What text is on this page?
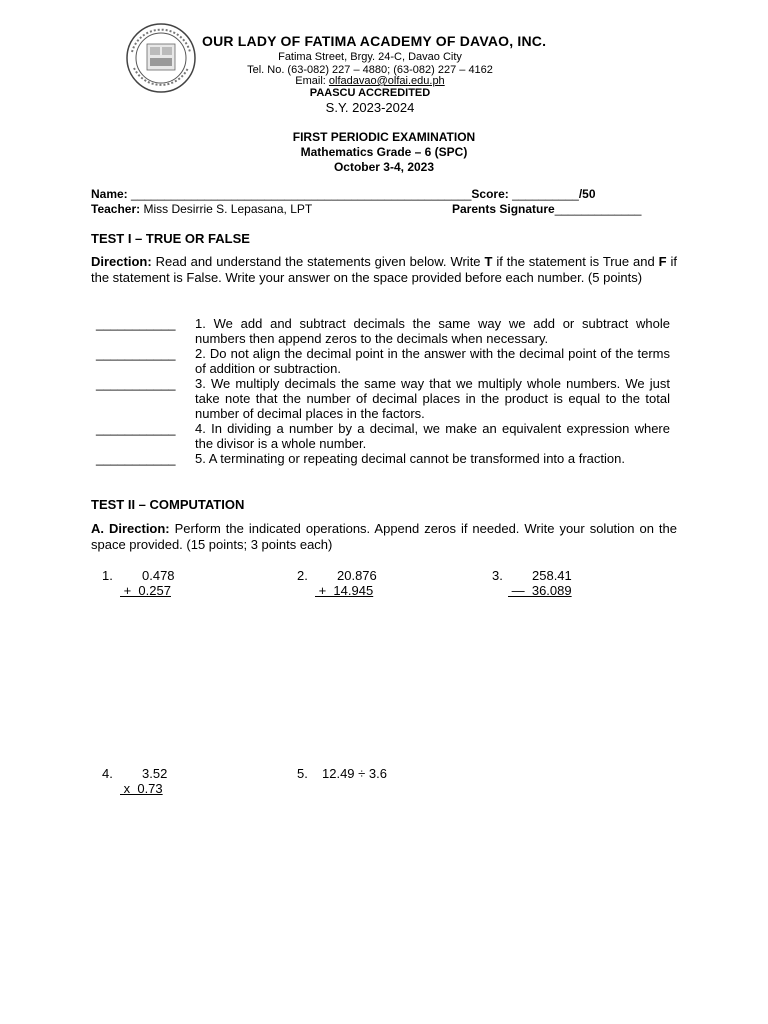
OUR LADY OF FATIMA ACADEMY OF DAVAO, INC.
Fatima Street, Brgy. 24-C, Davao City
Tel. No. (63-082) 227 – 4880; (63-082) 227 – 4162
Email: olfadavao@olfai.edu.ph
PAASCU ACCREDITED
S.Y. 2023-2024
FIRST PERIODIC EXAMINATION
Mathematics Grade – 6 (SPC)
October 3-4, 2023
Name: ___________________________________________________Score: __________/50
Teacher: Miss Desirrie S. Lepasana, LPT	Parents Signature_____________
TEST I – TRUE OR FALSE
Direction: Read and understand the statements given below. Write T if the statement is True and F if the statement is False. Write your answer on the space provided before each number. (5 points)
___________ 1. We add and subtract decimals the same way we add or subtract whole numbers then append zeros to the decimals when necessary.
___________ 2. Do not align the decimal point in the answer with the decimal point of the terms of addition or subtraction.
___________ 3. We multiply decimals the same way that we multiply whole numbers. We just take note that the number of decimal places in the product is equal to the total number of decimal places in the factors.
___________ 4. In dividing a number by a decimal, we make an equivalent expression where the divisor is a whole number.
___________ 5. A terminating or repeating decimal cannot be transformed into a fraction.
TEST II – COMPUTATION
A. Direction: Perform the indicated operations. Append zeros if needed. Write your solution on the space provided. (15 points; 3 points each)
1. 0.478
+  0.257
2. 20.876
+  14.945
3. 258.41
—  36.089
4. 3.52
x  0.73
5. 12.49 ÷ 3.6
